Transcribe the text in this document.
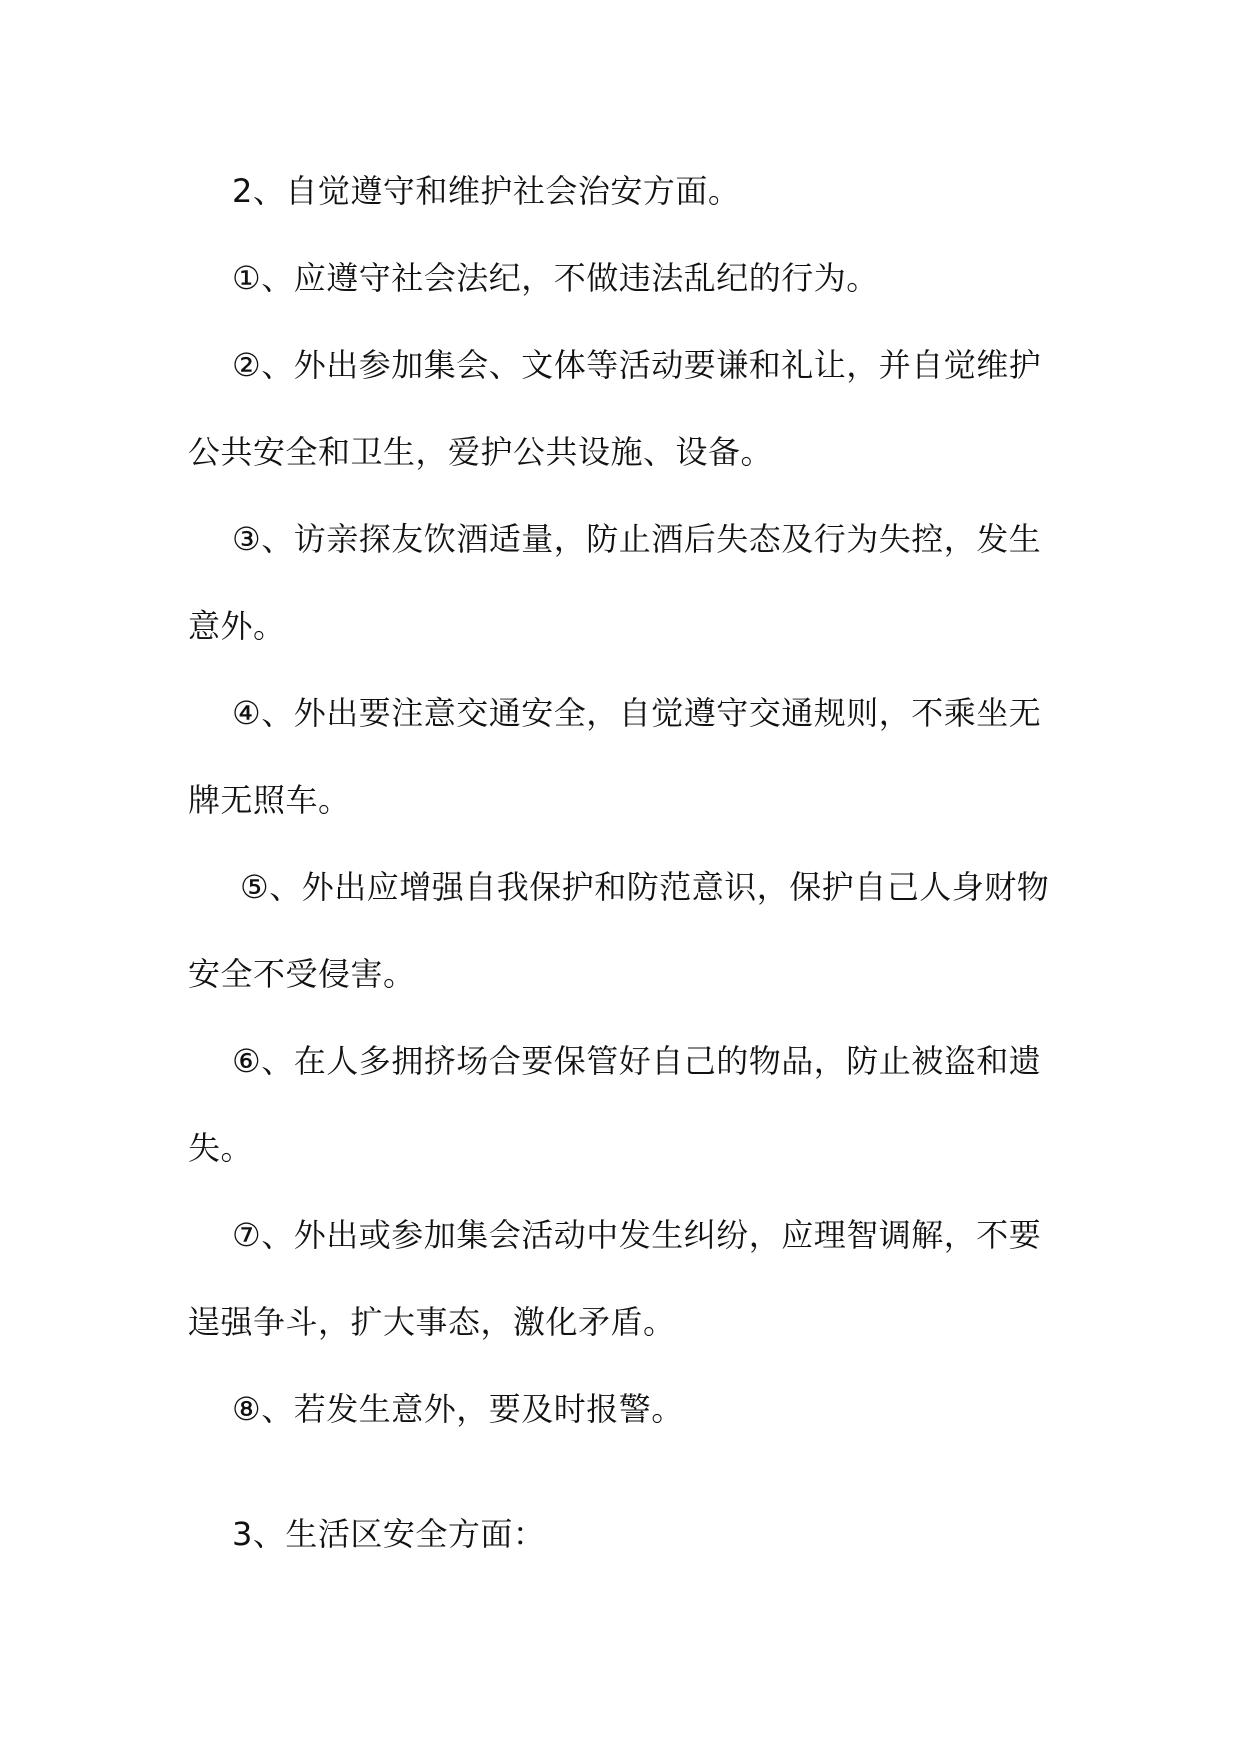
2、自觉遵守和维护社会治安方面。

①、应遵守社会法纪，不做违法乱纪的行为。

②、外出参加集会、文体等活动要谦和礼让，并自觉维护公共安全和卫生，爱护公共设施、设备。

③、访亲探友饮酒适量，防止酒后失态及行为失控，发生意外。

④、外出要注意交通安全，自觉遵守交通规则，不乘坐无牌无照车。

⑤、外出应增强自我保护和防范意识，保护自己人身财物安全不受侵害。

⑥、在人多拥挤场合要保管好自己的物品，防止被盗和遗失。

⑦、外出或参加集会活动中发生纠纷，应理智调解，不要逞强争斗，扩大事态，激化矛盾。

⑧、若发生意外，要及时报警。

3、生活区安全方面：
